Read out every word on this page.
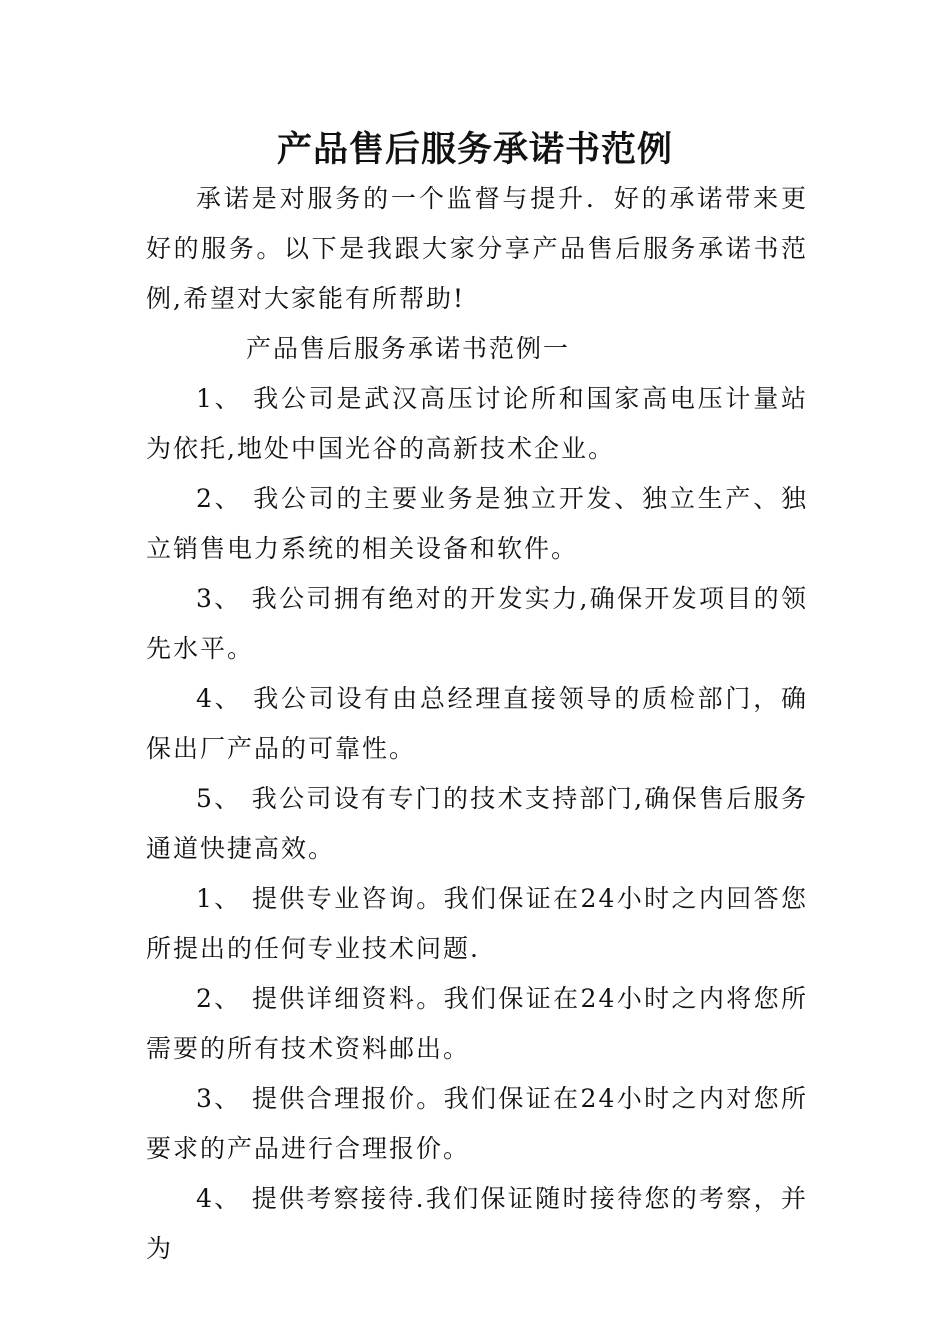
产品售后服务承诺书范例

承诺是对服务的一个监督与提升．好的承诺带来更好的服务。以下是我跟大家分享产品售后服务承诺书范例,希望对大家能有所帮助!

产品售后服务承诺书范例一

1、 我公司是武汉高压讨论所和国家高电压计量站为依托,地处中国光谷的高新技术企业。

2、 我公司的主要业务是独立开发、独立生产、独立销售电力系统的相关设备和软件。

3、 我公司拥有绝对的开发实力,确保开发项目的领先水平。

4、 我公司设有由总经理直接领导的质检部门，确保出厂产品的可靠性。

5、 我公司设有专门的技术支持部门,确保售后服务通道快捷高效。

1、 提供专业咨询。我们保证在24小时之内回答您所提出的任何专业技术问题.

2、 提供详细资料。我们保证在24小时之内将您所需要的所有技术资料邮出。

3、 提供合理报价。我们保证在24小时之内对您所要求的产品进行合理报价。

4、 提供考察接待.我们保证随时接待您的考察，并为
